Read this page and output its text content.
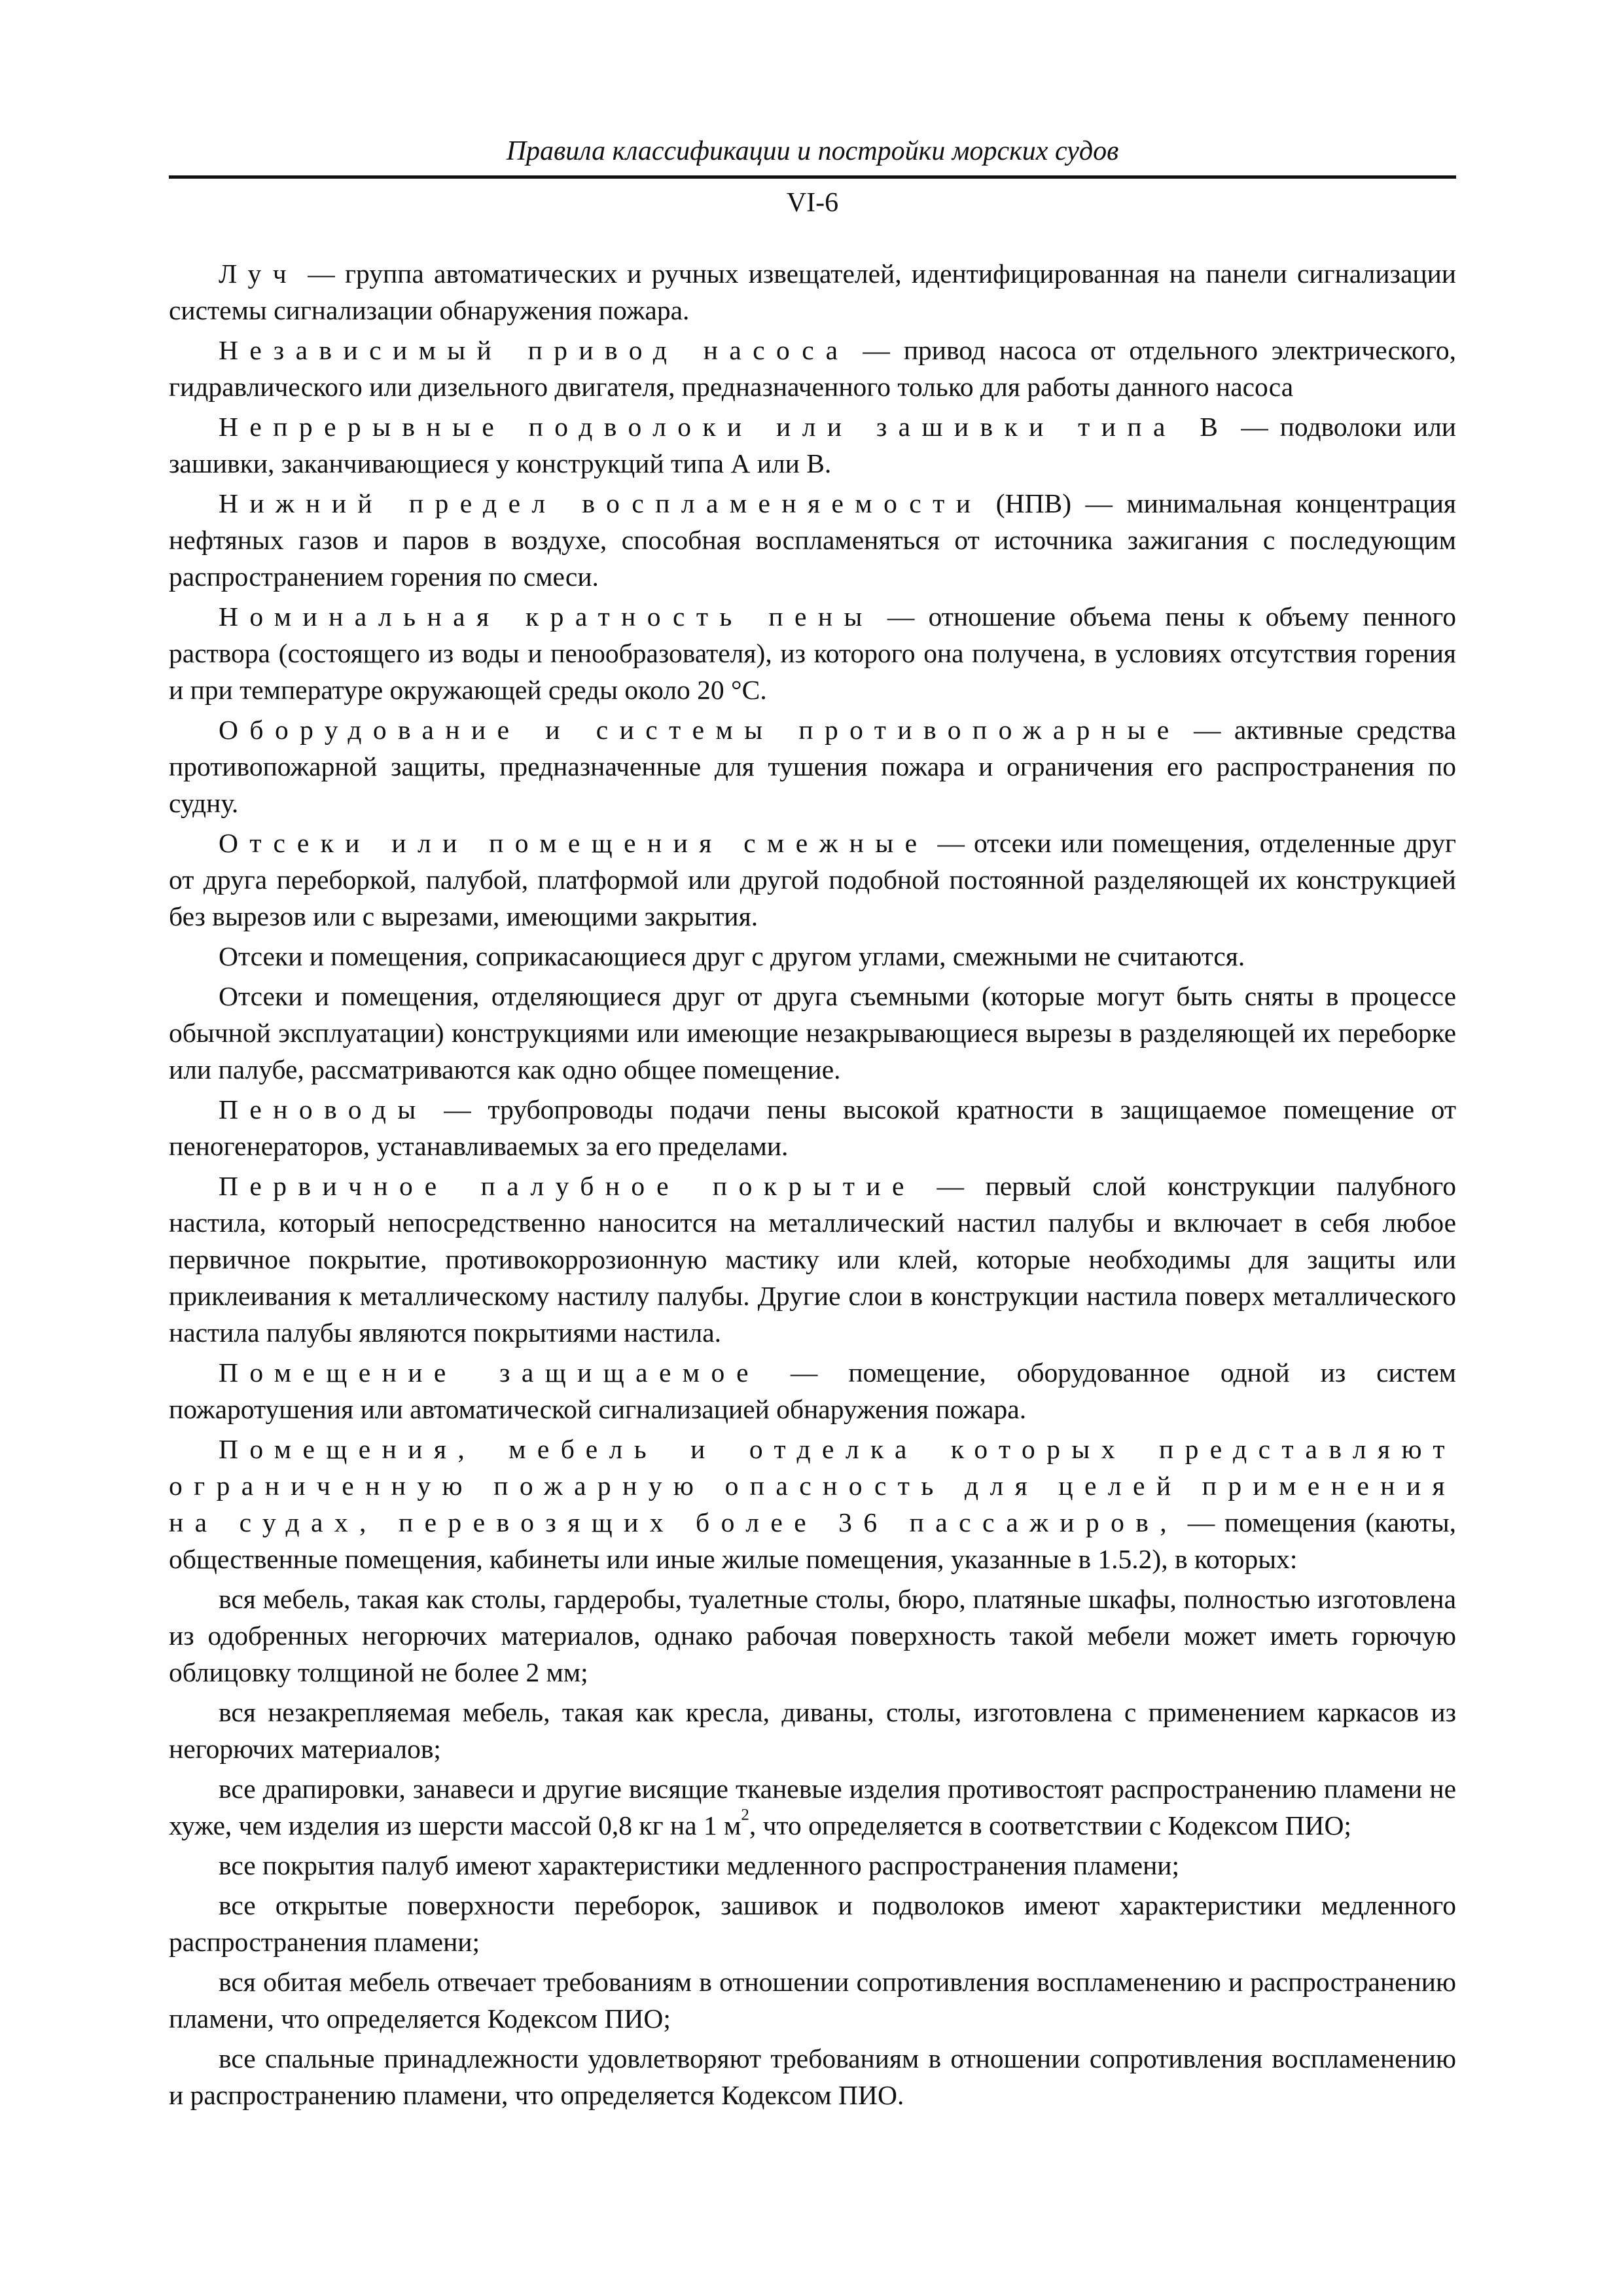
Правила классификации и постройки морских судов
VI-6

Луч — группа автоматических и ручных извещателей, идентифицированная на панели сигнализации системы сигнализации обнаружения пожара.

Независимый привод насоса — привод насоса от отдельного электрического, гидравлического или дизельного двигателя, предназначенного только для работы данного насоса

Непрерывные подволоки или зашивки типа В — подволоки или зашивки, заканчивающиеся у конструкций типа А или В.

Нижний предел воспламеняемости (НПВ) — минимальная концентрация нефтяных газов и паров в воздухе, способная воспламеняться от источника зажигания с последующим распространением горения по смеси.

Номинальная кратность пены — отношение объема пены к объему пенного раствора (состоящего из воды и пенообразователя), из которого она получена, в условиях отсутствия горения и при температуре окружающей среды около 20 °С.

Оборудование и системы противопожарные — активные средства противопожарной защиты, предназначенные для тушения пожара и ограничения его распространения по судну.

Отсеки или помещения смежные — отсеки или помещения, отделенные друг от друга переборкой, палубой, платформой или другой подобной постоянной разделяющей их конструкцией без вырезов или с вырезами, имеющими закрытия.

Отсеки и помещения, соприкасающиеся друг с другом углами, смежными не считаются.

Отсеки и помещения, отделяющиеся друг от друга съемными (которые могут быть сняты в процессе обычной эксплуатации) конструкциями или имеющие незакрывающиеся вырезы в разделяющей их переборке или палубе, рассматриваются как одно общее помещение.

Пеноводы — трубопроводы подачи пены высокой кратности в защищаемое помещение от пеногенераторов, устанавливаемых за его пределами.

Первичное палубное покрытие — первый слой конструкции палубного настила, который непосредственно наносится на металлический настил палубы и включает в себя любое первичное покрытие, противокоррозионную мастику или клей, которые необходимы для защиты или приклеивания к металлическому настилу палубы. Другие слои в конструкции настила поверх металлического настила палубы являются покрытиями настила.

Помещение защищаемое — помещение, оборудованное одной из систем пожаротушения или автоматической сигнализацией обнаружения пожара.

Помещения, мебель и отделка которых представляют ограниченную пожарную опасность для целей применения на судах, перевозящих более 36 пассажиров, — помещения (каюты, общественные помещения, кабинеты или иные жилые помещения, указанные в 1.5.2), в которых:

вся мебель, такая как столы, гардеробы, туалетные столы, бюро, платяные шкафы, полностью изготовлена из одобренных негорючих материалов, однако рабочая поверхность такой мебели может иметь горючую облицовку толщиной не более 2 мм;

вся незакрепляемая мебель, такая как кресла, диваны, столы, изготовлена с применением каркасов из негорючих материалов;

все драпировки, занавеси и другие висящие тканевые изделия противостоят распространению пламени не хуже, чем изделия из шерсти массой 0,8 кг на 1 $м^2$, что определяется в соответствии с Кодексом ПИО;

все покрытия палуб имеют характеристики медленного распространения пламени;

все открытые поверхности переборок, зашивок и подволоков имеют характеристики медленного распространения пламени;

вся обитая мебель отвечает требованиям в отношении сопротивления воспламенению и распространению пламени, что определяется Кодексом ПИО;

все спальные принадлежности удовлетворяют требованиям в отношении сопротивления воспламенению и распространению пламени, что определяется Кодексом ПИО.
